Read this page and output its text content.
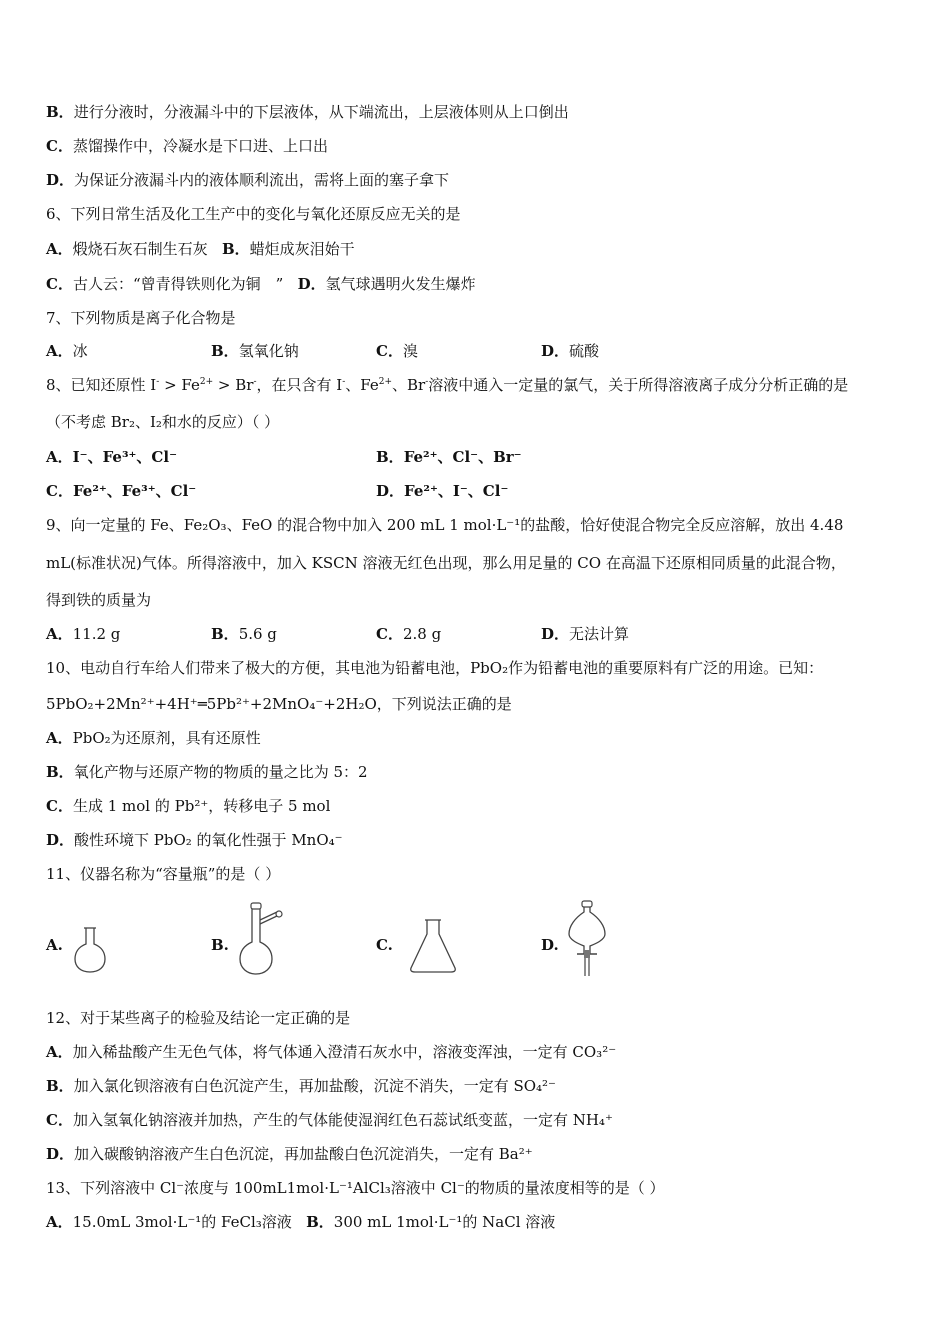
B．进行分液时，分液漏斗中的下层液体，从下端流出，上层液体则从上口倒出
C．蒸馏操作中，冷凝水是下口进、上口出
D．为保证分液漏斗内的液体顺利流出，需将上面的塞子拿下
6、下列日常生活及化工生产中的变化与氧化还原反应无关的是
A．煅烧石灰石制生石灰 B．蜡炬成灰泪始干
C．古人云：“曾青得铁则化为铜　” D．氢气球遇明火发生爆炸
7、下列物质是离子化合物是
A．冰	B．氢氧化钠	C．溴	D．硫酸
8、已知还原性 $I^- > Fe^{2+} > Br^-$，在只含有 I-、$Fe^{2+}$、Br-溶液中通入一定量的氯气，关于所得溶液离子成分分析正确的是
（不考虑 Br₂、I₂和水的反应）（ ）
A．I⁻、Fe³⁺、Cl⁻	B．Fe²⁺、Cl⁻、Br⁻
C．Fe²⁺、Fe³⁺、Cl⁻	D．Fe²⁺、I⁻、Cl⁻
9、向一定量的 Fe、Fe₂O₃、FeO 的混合物中加入 200 mL 1 mol·L⁻¹的盐酸，恰好使混合物完全反应溶解，放出 4.48
mL(标准状况)气体。所得溶液中，加入 KSCN 溶液无红色出现，那么用足量的 CO 在高温下还原相同质量的此混合物，
得到铁的质量为
A．11.2 g	B．5.6 g	C．2.8 g	D．无法计算
10、电动自行车给人们带来了极大的方便，其电池为铅蓄电池，PbO₂作为铅蓄电池的重要原料有广泛的用途。已知：
5PbO₂+2Mn²⁺+4H⁺═5Pb²⁺+2MnO₄⁻+2H₂O，下列说法正确的是
A．PbO₂为还原剂，具有还原性
B．氧化产物与还原产物的物质的量之比为 5：2
C．生成 1 mol 的 Pb²⁺，转移电子 5 mol
D．酸性环境下 PbO₂ 的氧化性强于 MnO₄⁻
11、仪器名称为“容量瓶”的是（ ）
A.	B.	C.	D.
12、对于某些离子的检验及结论一定正确的是
A．加入稀盐酸产生无色气体，将气体通入澄清石灰水中，溶液变浑浊，一定有 CO₃²⁻
B．加入氯化钡溶液有白色沉淀产生，再加盐酸，沉淀不消失，一定有 SO₄²⁻
C．加入氢氧化钠溶液并加热，产生的气体能使湿润红色石蕊试纸变蓝，一定有 NH₄⁺
D．加入碳酸钠溶液产生白色沉淀，再加盐酸白色沉淀消失，一定有 Ba²⁺
13、下列溶液中 Cl⁻浓度与 100mL1mol·L⁻¹AlCl₃溶液中 Cl⁻的物质的量浓度相等的是（ ）
A．15.0mL 3mol·L⁻¹的 FeCl₃溶液 B．300 mL 1mol·L⁻¹的 NaCl 溶液
